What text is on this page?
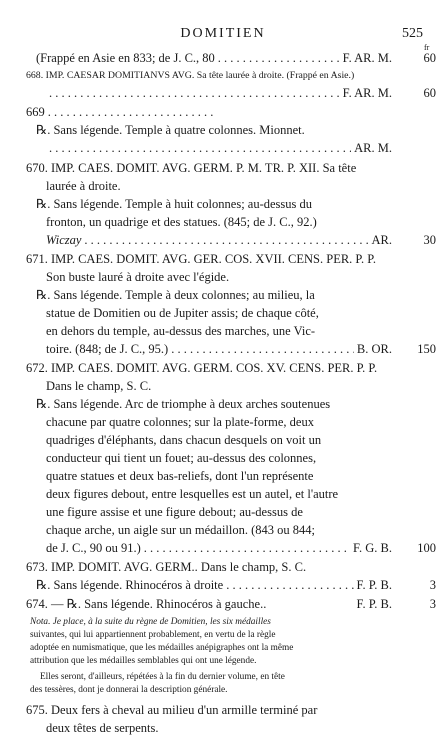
DOMITIEN	525
fr
(Frappé en Asie en 833; de J. C., 80 . . .	F. AR. M.	60
668. IMP. CAESAR DOMITIANVS AVG. Sa tête laurée à droite. (Frappé en Asie.)
. . .
F. AR. M.	60
669
. . .
℞. Sans légende. Temple à quatre colonnes. Mionnet.
. . .
AR. M.
670. IMP. CAES. DOMIT. AVG. GERM. P. M. TR. P. XII. Sa tête
laurée à droite.
℞. Sans légende. Temple à huit colonnes; au-dessus du
fronton, un quadrige et des statues. (845; de J. C., 92.)
Wiczay . . .	AR.	30
671. IMP. CAES. DOMIT. AVG. GER. COS. XVII. CENS. PER. P. P.
Son buste lauré à droite avec l'égide.
℞. Sans légende. Temple à deux colonnes; au milieu, la
statue de Domitien ou de Jupiter assis; de chaque côté,
en dehors du temple, au-dessus des marches, une Vic-
toire. (848; de J. C., 95.) . . .	B. OR.	150
672. IMP. CAES. DOMIT. AVG. GERM. COS. XV. CENS. PER. P. P.
Dans le champ, S. C.
℞. Sans légende. Arc de triomphe à deux arches soutenues
chacune par quatre colonnes; sur la plate-forme, deux
quadriges d'éléphants, dans chacun desquels on voit un
conducteur qui tient un fouet; au-dessus des colonnes,
quatre statues et deux bas-reliefs, dont l'un représente
deux figures debout, entre lesquelles est un autel, et l'autre
une figure assise et une figure debout; au-dessus de
chaque arche, un aigle sur un médaillon. (843 ou 844;
de J. C., 90 ou 91.) . . .	F. G. B.	100
673. IMP. DOMIT. AVG. GERM.. Dans le champ, S. C.
℞. Sans légende. Rhinocéros à droite . . .	F. P. B.	3
674. — ℞. Sans légende. Rhinocéros à gauche..	F. P. B.	3
Nota. Je place, à la suite du règne de Domitien, les six médailles
suivantes, qui lui appartiennent probablement, en vertu de la règle
adoptée en numismatique, que les médailles anépigraphes ont la même
attribution que les médailles semblables qui ont une légende.
Elles seront, d'ailleurs, répétées à la fin du dernier volume, en tête
des tessères, dont je donnerai la description générale.
675. Deux fers à cheval au milieu d'un armille terminé par
deux têtes de serpents.
